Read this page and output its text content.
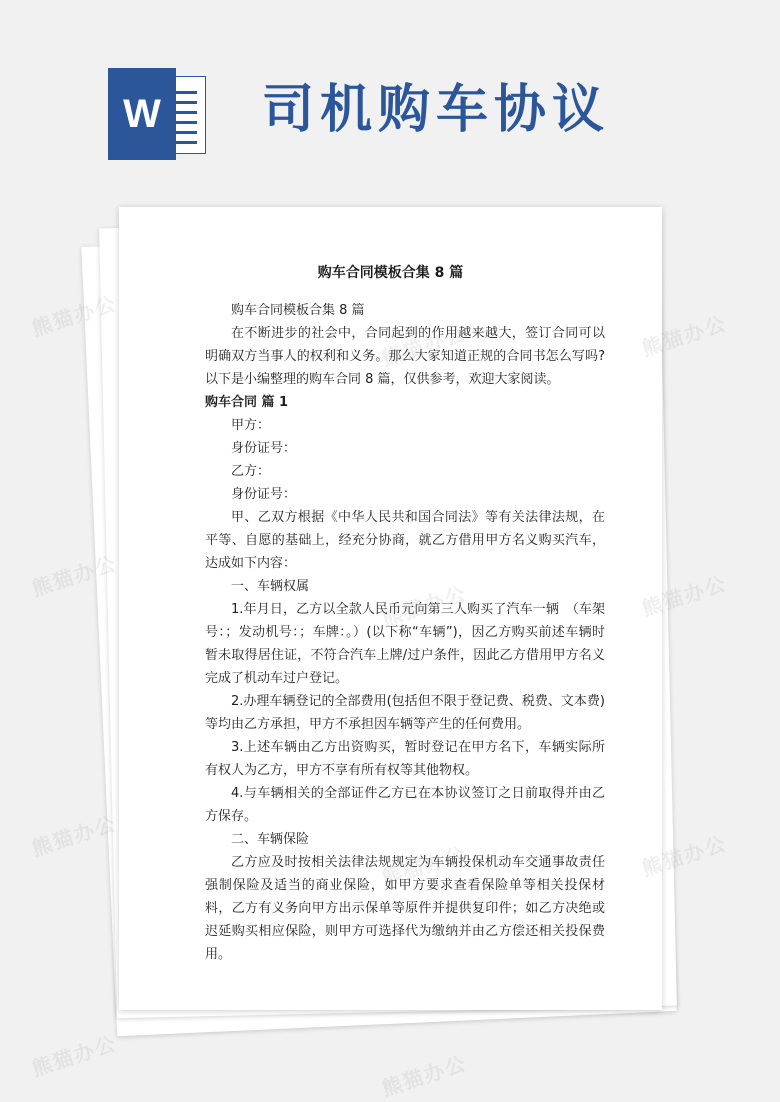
W 司机购车协议
购车合同模板合集 8 篇

购车合同模板合集 8 篇

在不断进步的社会中，合同起到的作用越来越大，签订合同可以明确双方当事人的权利和义务。那么大家知道正规的合同书怎么写吗?以下是小编整理的购车合同 8 篇，仅供参考，欢迎大家阅读。

购车合同 篇 1

甲方：

身份证号：

乙方：

身份证号：

甲、乙双方根据《中华人民共和国合同法》等有关法律法规，在平等、自愿的基础上，经充分协商，就乙方借用甲方名义购买汽车，达成如下内容：

一、车辆权属

1.年月日，乙方以全款人民币元向第三人购买了汽车一辆　（车架号：；发动机号：；车牌：。）(以下称“车辆”)，因乙方购买前述车辆时暂未取得居住证，不符合汽车上牌/过户条件，因此乙方借用甲方名义完成了机动车过户登记。

2.办理车辆登记的全部费用(包括但不限于登记费、税费、文本费)等均由乙方承担，甲方不承担因车辆等产生的任何费用。

3.上述车辆由乙方出资购买，暂时登记在甲方名下，车辆实际所有权人为乙方，甲方不享有所有权等其他物权。

4.与车辆相关的全部证件乙方已在本协议签订之日前取得并由乙方保存。

二、车辆保险

乙方应及时按相关法律法规规定为车辆投保机动车交通事故责任强制保险及适当的商业保险，如甲方要求查看保险单等相关投保材料，乙方有义务向甲方出示保单等原件并提供复印件；如乙方决绝或迟延购买相应保险，则甲方可选择代为缴纳并由乙方偿还相关投保费用。

熊猫办公	熊猫办公
熊猫办公	熊猫办公
熊猫办公	熊猫办公
熊猫办公	熊猫办公
